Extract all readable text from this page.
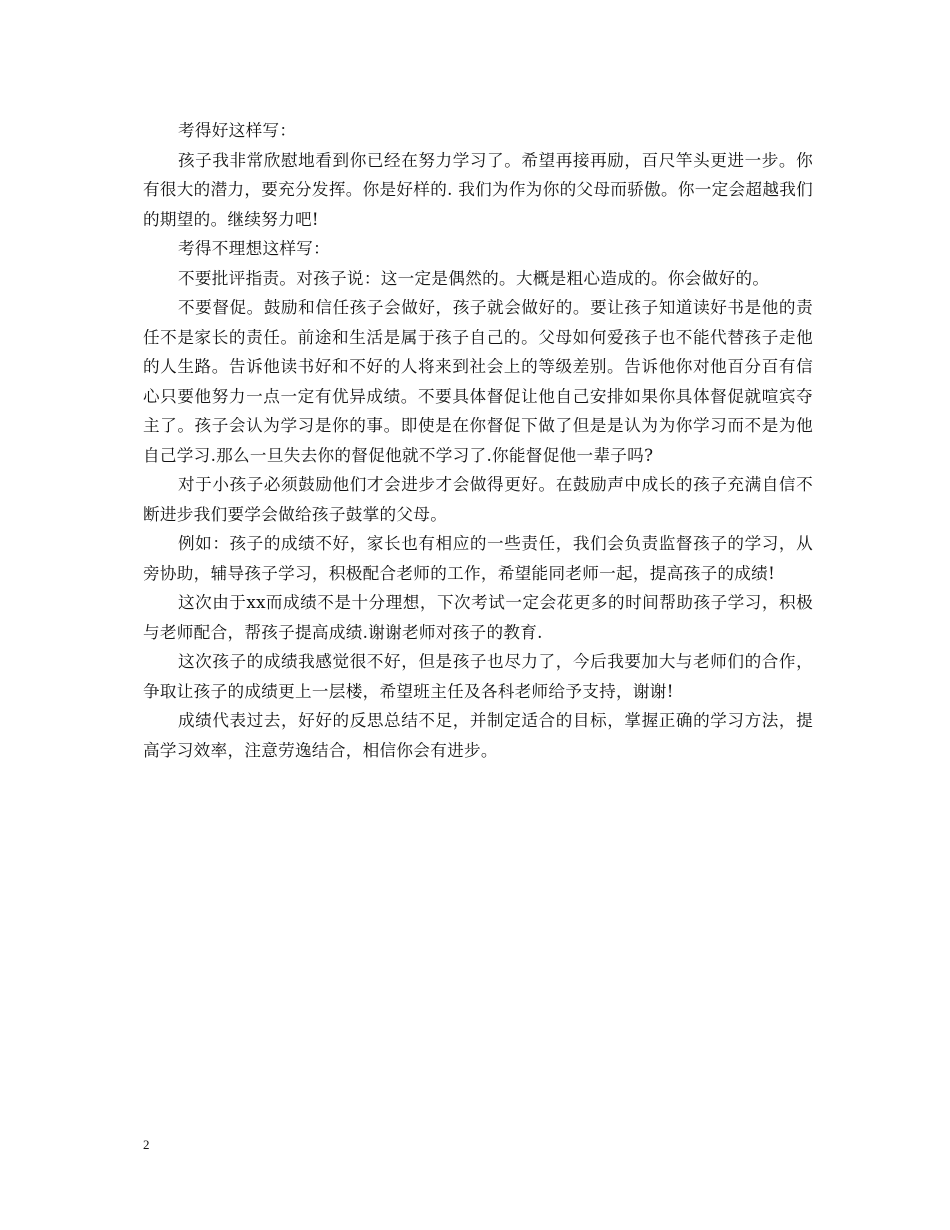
考得好这样写：

孩子我非常欣慰地看到你已经在努力学习了。希望再接再励，百尺竿头更进一步。你有很大的潜力，要充分发挥。你是好样的. 我们为作为你的父母而骄傲。你一定会超越我们的期望的。继续努力吧!

考得不理想这样写：

不要批评指责。对孩子说：这一定是偶然的。大概是粗心造成的。你会做好的。

不要督促。鼓励和信任孩子会做好，孩子就会做好的。要让孩子知道读好书是他的责任不是家长的责任。前途和生活是属于孩子自己的。父母如何爱孩子也不能代替孩子走他的人生路。告诉他读书好和不好的人将来到社会上的等级差别。告诉他你对他百分百有信心只要他努力一点一定有优异成绩。不要具体督促让他自己安排如果你具体督促就喧宾夺主了。孩子会认为学习是你的事。即使是在你督促下做了但是是认为为你学习而不是为他自己学习.那么一旦失去你的督促他就不学习了.你能督促他一辈子吗?

对于小孩子必须鼓励他们才会进步才会做得更好。在鼓励声中成长的孩子充满自信不断进步我们要学会做给孩子鼓掌的父母。

例如：孩子的成绩不好，家长也有相应的一些责任，我们会负责监督孩子的学习，从旁协助，辅导孩子学习，积极配合老师的工作，希望能同老师一起，提高孩子的成绩!

这次由于xx而成绩不是十分理想，下次考试一定会花更多的时间帮助孩子学习，积极与老师配合，帮孩子提高成绩.谢谢老师对孩子的教育.

这次孩子的成绩我感觉很不好，但是孩子也尽力了，今后我要加大与老师们的合作，争取让孩子的成绩更上一层楼，希望班主任及各科老师给予支持，谢谢!

成绩代表过去，好好的反思总结不足，并制定适合的目标，掌握正确的学习方法，提高学习效率，注意劳逸结合，相信你会有进步。

2
